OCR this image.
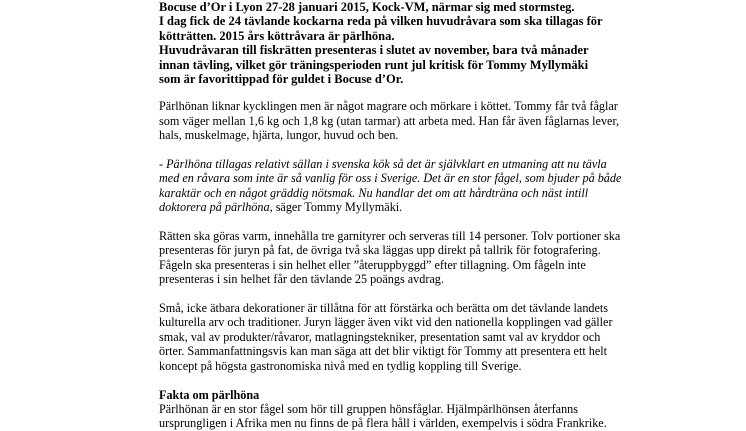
Bocuse d’Or i Lyon 27-28 januari 2015, Kock-VM, närmar sig med stormsteg.

I dag fick de 24 tävlande kockarna reda på vilken huvudråvara som ska tillagas för

kötträtten. 2015 års köttråvara är pärlhöna.

Huvudråvaran till fiskrätten presenteras i slutet av november, bara två månader

innan tävling, vilket gör träningsperioden runt jul kritisk för Tommy Myllymäki

som är favorittippad för guldet i Bocuse d’Or.

Pärlhönan liknar kycklingen men är något magrare och mörkare i köttet. Tommy får två fåglar

som väger mellan 1,6 kg och 1,8 kg (utan tarmar) att arbeta med. Han får även fåglarnas lever,

hals, muskelmage, hjärta, lungor, huvud och ben.

- Pärlhöna tillagas relativt sällan i svenska kök så det är självklart en utmaning att nu tävla

med en råvara som inte är så vanlig för oss i Sverige. Det är en stor fågel, som bjuder på både

karaktär och en något gräddig nötsmak. Nu handlar det om att hårdträna och näst intill

doktorera på pärlhöna, säger Tommy Myllymäki.

Rätten ska göras varm, innehålla tre garnityrer och serveras till 14 personer. Tolv portioner ska

presenteras för juryn på fat, de övriga två ska läggas upp direkt på tallrik för fotografering.

Fågeln ska presenteras i sin helhet eller ”återuppbyggd” efter tillagning. Om fågeln inte

presenteras i sin helhet får den tävlande 25 poängs avdrag.

Små, icke ätbara dekorationer är tillåtna för att förstärka och berätta om det tävlande landets

kulturella arv och traditioner. Juryn lägger även vikt vid den nationella kopplingen vad gäller

smak, val av produkter/råvaror, matlagningstekniker, presentation samt val av kryddor och

örter. Sammanfattningsvis kan man säga att det blir viktigt för Tommy att presentera ett helt

koncept på högsta gastronomiska nivå med en tydlig koppling till Sverige.

Fakta om pärlhöna

Pärlhönan är en stor fågel som hör till gruppen hönsfåglar. Hjälmpärlhönsen återfanns

ursprungligen i Afrika men nu finns de på flera håll i världen, exempelvis i södra Frankrike.
